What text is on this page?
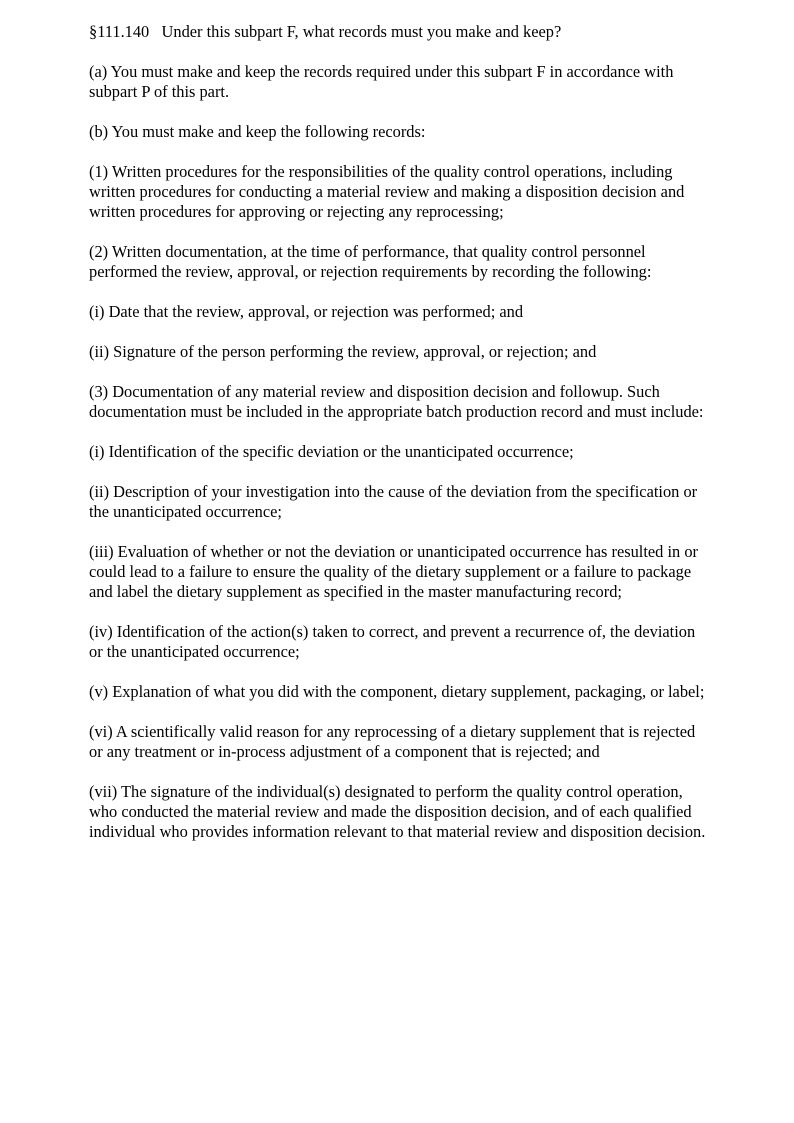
§111.140   Under this subpart F, what records must you make and keep?

(a) You must make and keep the records required under this subpart F in accordance with subpart P of this part.

(b) You must make and keep the following records:

(1) Written procedures for the responsibilities of the quality control operations, including written procedures for conducting a material review and making a disposition decision and written procedures for approving or rejecting any reprocessing;

(2) Written documentation, at the time of performance, that quality control personnel performed the review, approval, or rejection requirements by recording the following:

(i) Date that the review, approval, or rejection was performed; and

(ii) Signature of the person performing the review, approval, or rejection; and

(3) Documentation of any material review and disposition decision and followup. Such documentation must be included in the appropriate batch production record and must include:

(i) Identification of the specific deviation or the unanticipated occurrence;

(ii) Description of your investigation into the cause of the deviation from the specification or the unanticipated occurrence;

(iii) Evaluation of whether or not the deviation or unanticipated occurrence has resulted in or could lead to a failure to ensure the quality of the dietary supplement or a failure to package and label the dietary supplement as specified in the master manufacturing record;

(iv) Identification of the action(s) taken to correct, and prevent a recurrence of, the deviation or the unanticipated occurrence;

(v) Explanation of what you did with the component, dietary supplement, packaging, or label;

(vi) A scientifically valid reason for any reprocessing of a dietary supplement that is rejected or any treatment or in-process adjustment of a component that is rejected; and

(vii) The signature of the individual(s) designated to perform the quality control operation, who conducted the material review and made the disposition decision, and of each qualified individual who provides information relevant to that material review and disposition decision.
